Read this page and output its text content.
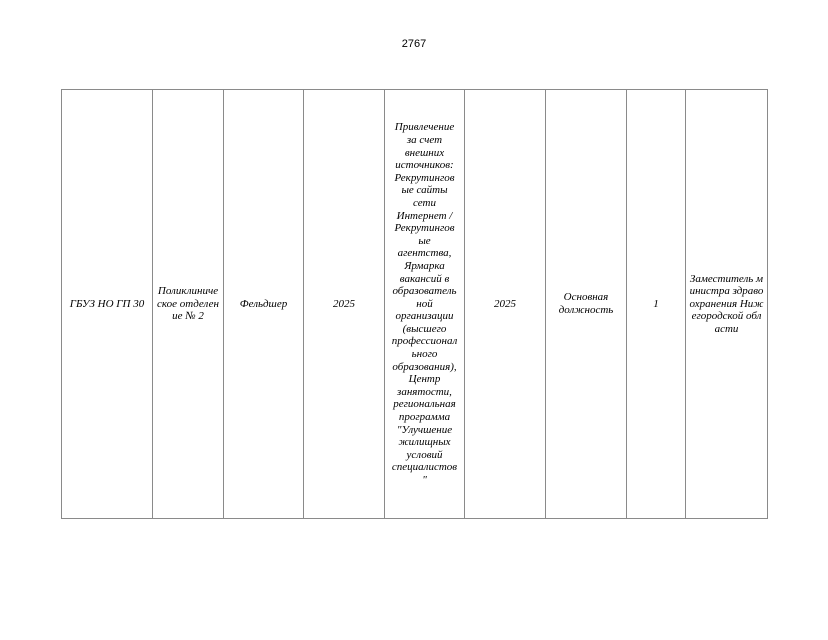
2767
ГБУЗ НО ГП 30	Поликлиническое отделение № 2	Фельдшер	2025	Привлечение
за счет
внешних
источников:
Рекрутингов
ые сайты
сети
Интернет /
Рекрутингов
ые
агентства,
Ярмарка
вакансий в
образователь
ной
организации
(высшего
профессионал
ьного
образования),
Центр
занятости,
региональная
программа
"Улучшение
жилищных
условий
специалистов
"	2025	Основная должность	1	Заместитель министра здравоохранения Нижегородской области
